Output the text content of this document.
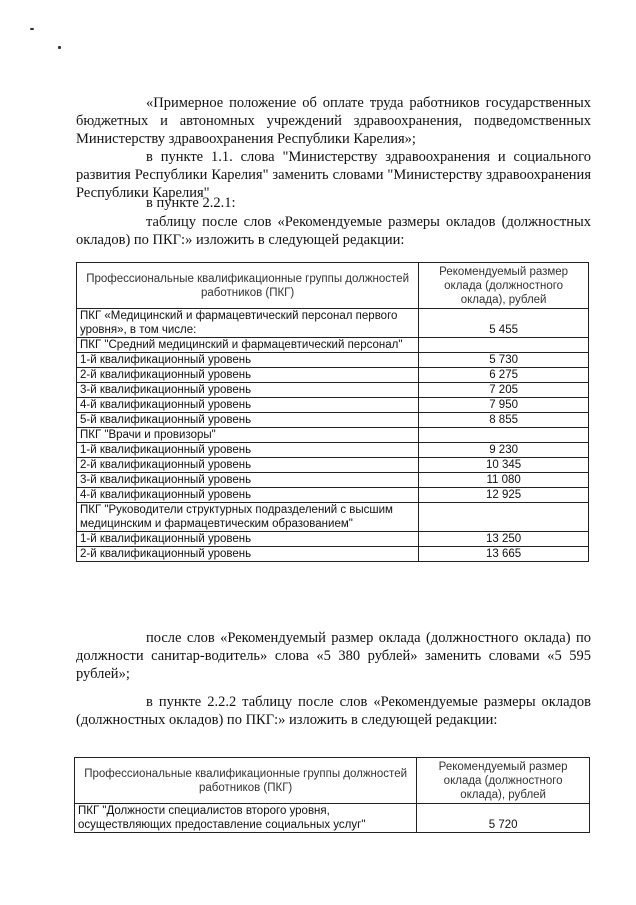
«Примерное положение об оплате труда работников государственных бюджетных и автономных учреждений здравоохранения, подведомственных Министерству здравоохранения Республики Карелия»;
в пункте 1.1. слова "Министерству здравоохранения и социального развития Республики Карелия" заменить словами "Министерству здравоохранения Республики Карелия"
в пункте 2.2.1:
таблицу после слов «Рекомендуемые размеры окладов (должностных окладов) по ПКГ:» изложить в следующей редакции:
Профессиональные квалификационные группы должностей работников (ПКГ)	Рекомендуемый размер оклада (должностного оклада), рублей
ПКГ «Медицинский и фармацевтический персонал первого уровня», в том числе:	5 455
ПКГ "Средний медицинский и фармацевтический персонал"	
1-й квалификационный уровень	5 730
2-й квалификационный уровень	6 275
3-й квалификационный уровень	7 205
4-й квалификационный уровень	7 950
5-й квалификационный уровень	8 855
ПКГ "Врачи и провизоры"	
1-й квалификационный уровень	9 230
2-й квалификационный уровень	10 345
3-й квалификационный уровень	11 080
4-й квалификационный уровень	12 925
ПКГ "Руководители структурных подразделений с высшим медицинским и фармацевтическим образованием"	
1-й квалификационный уровень	13 250
2-й квалификационный уровень	13 665
после слов «Рекомендуемый размер оклада (должностного оклада) по должности санитар-водитель» слова «5 380 рублей» заменить словами «5 595 рублей»;
в пункте 2.2.2 таблицу после слов «Рекомендуемые размеры окладов (должностных окладов) по ПКГ:» изложить в следующей редакции:
Профессиональные квалификационные группы должностей работников (ПКГ)	Рекомендуемый размер оклада (должностного оклада), рублей
ПКГ "Должности специалистов второго уровня, осуществляющих предоставление социальных услуг"	5 720
